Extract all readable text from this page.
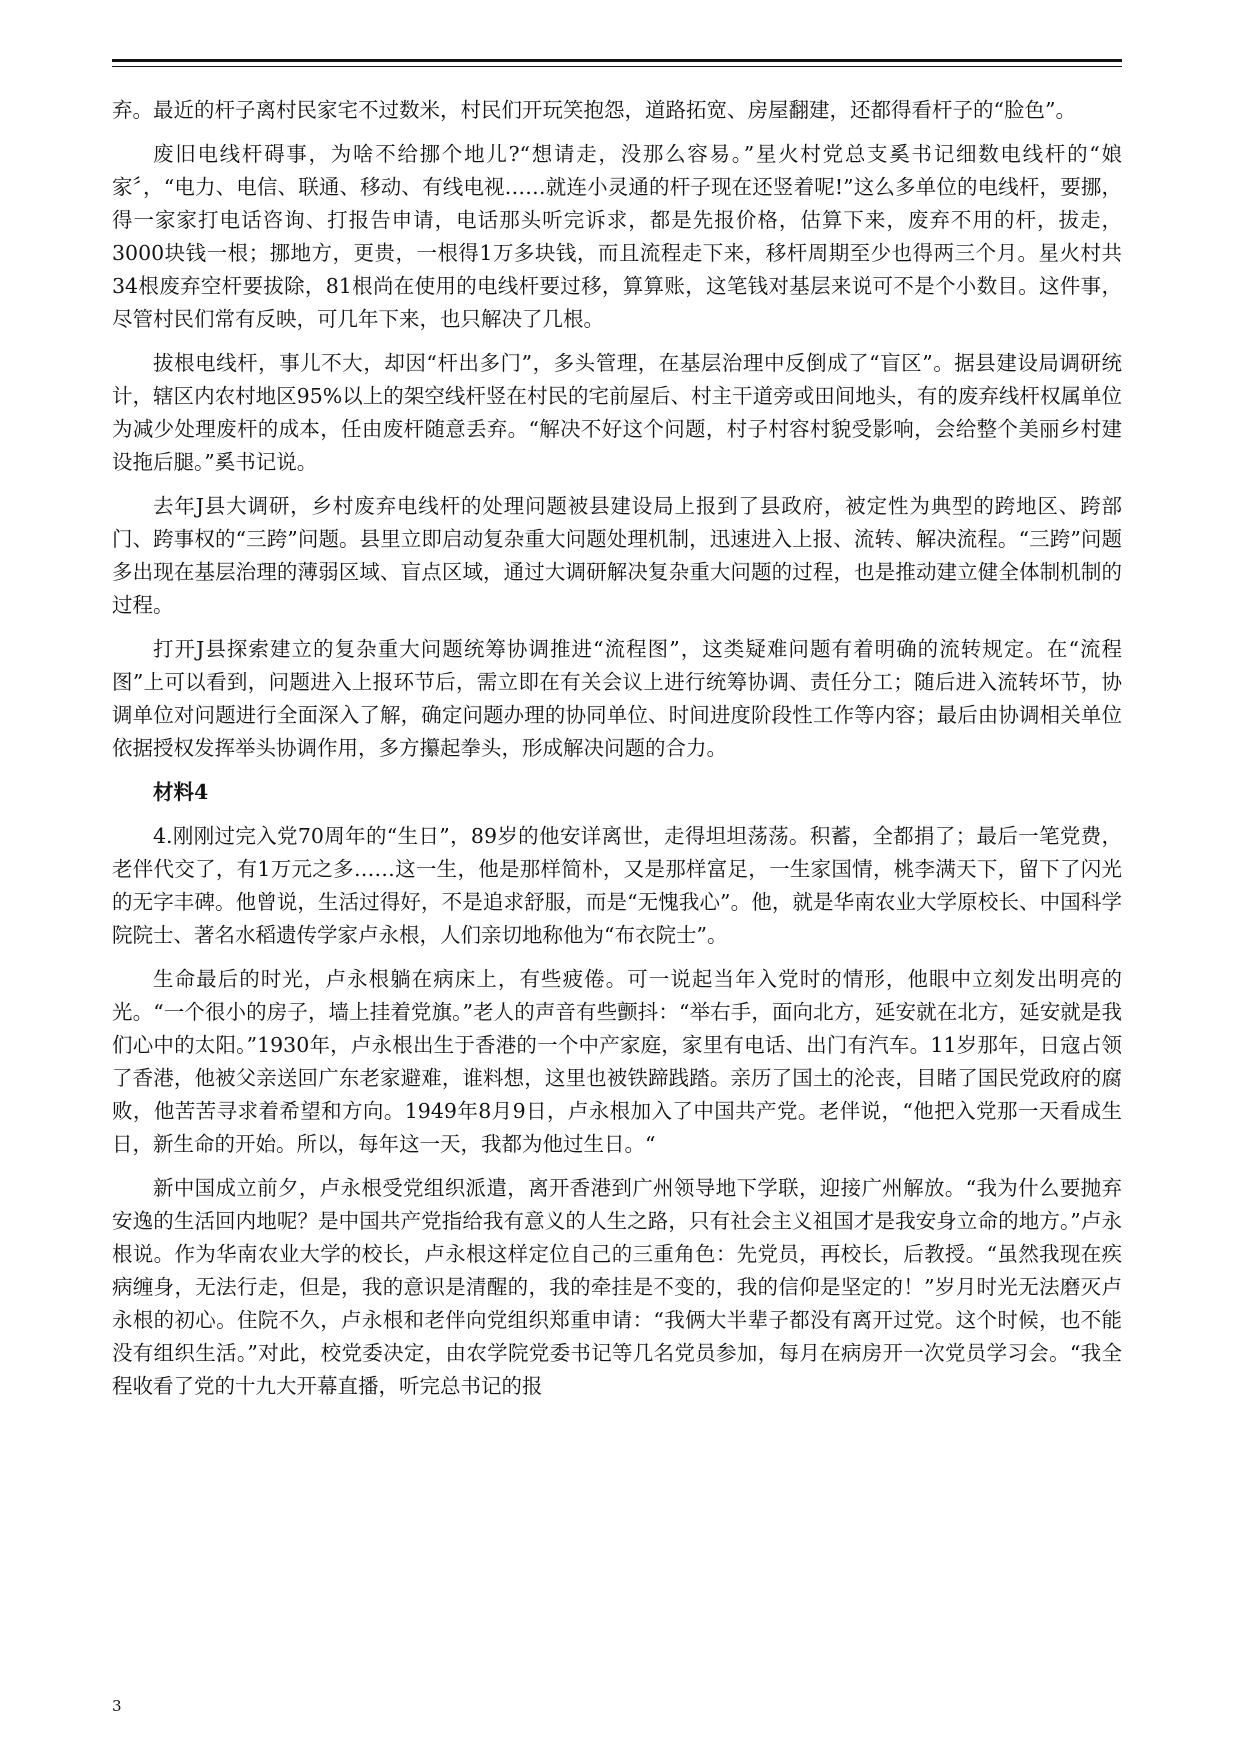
弃。最近的杆子离村民家宅不过数米，村民们开玩笑抱怨，道路拓宽、房屋翻建，还都得看杆子的“脸色”。

废旧电线杆碍事，为啥不给挪个地儿?“想请走，没那么容易。”星火村党总支奚书记细数电线杆的“娘家〞，“电力、电信、联通、移动、有线电视……就连小灵通的杆子现在还竖着呢!”这么多单位的电线杆，要挪，得一家家打电话咨询、打报告申请，电话那头听完诉求，都是先报价格，估算下来，废弃不用的杆，拔走，3000块钱一根；挪地方，更贵，一根得1万多块钱，而且流程走下来，移杆周期至少也得两三个月。星火村共34根废弃空杆要拔除，81根尚在使用的电线杆要过移，算算账，这笔钱对基层来说可不是个小数目。这件事，尽管村民们常有反映，可几年下来，也只解决了几根。

拔根电线杆，事儿不大，却因“杆出多门”，多头管理，在基层治理中反倒成了“盲区”。据县建设局调研统计，辖区内农村地区95%以上的架空线杆竖在村民的宅前屋后、村主干道旁或田间地头，有的废弃线杆权属单位为减少处理废杆的成本，任由废杆随意丢弃。“解决不好这个问题，村子村容村貌受影响，会给整个美丽乡村建设拖后腿。”奚书记说。

去年J县大调研，乡村废弃电线杆的处理问题被县建设局上报到了县政府，被定性为典型的跨地区、跨部门、跨事权的“三跨”问题。县里立即启动复杂重大问题处理机制，迅速进入上报、流转、解决流程。“三跨”问题多出现在基层治理的薄弱区域、盲点区域，通过大调研解决复杂重大问题的过程，也是推动建立健全体制机制的过程。

打开J县探索建立的复杂重大问题统筹协调推进“流程图”，这类疑难问题有着明确的流转规定。在“流程图”上可以看到，问题进入上报环节后，需立即在有关会议上进行统筹协调、责任分工；随后进入流转坏节，协调单位对问题进行全面深入了解，确定问题办理的协同单位、时间进度阶段性工作等内容；最后由协调相关单位依据授权发挥举头协调作用，多方攥起拳头，形成解决问题的合力。

材料4

4.刚刚过完入党70周年的“生日”，89岁的他安详离世，走得坦坦荡荡。积蓄，全都捐了；最后一笔党费，老伴代交了，有1万元之多……这一生，他是那样简朴，又是那样富足，一生家国情，桃李满天下，留下了闪光的无字丰碑。他曾说，生活过得好，不是追求舒服，而是“无愧我心”。他，就是华南农业大学原校长、中国科学院院士、著名水稻遗传学家卢永根，人们亲切地称他为“布衣院士”。

生命最后的时光，卢永根躺在病床上，有些疲倦。可一说起当年入党时的情形，他眼中立刻发出明亮的光。“一个很小的房子，墙上挂着党旗。”老人的声音有些颤抖：“举右手，面向北方，延安就在北方，延安就是我们心中的太阳。”1930年，卢永根出生于香港的一个中产家庭，家里有电话、出门有汽车。11岁那年，日寇占领了香港，他被父亲送回广东老家避难，谁料想，这里也被铁蹄践踏。亲历了国土的沦丧，目睹了国民党政府的腐败，他苦苦寻求着希望和方向。1949年8月9日，卢永根加入了中国共产党。老伴说，“他把入党那一天看成生日，新生命的开始。所以，每年这一天，我都为他过生日。“

新中国成立前夕，卢永根受党组织派遣，离开香港到广州领导地下学联，迎接广州解放。“我为什么要抛弃安逸的生活回内地呢？是中国共产党指给我有意义的人生之路，只有社会主义祖国才是我安身立命的地方。”卢永根说。作为华南农业大学的校长，卢永根这样定位自己的三重角色：先党员，再校长，后教授。“虽然我现在疾病缠身，无法行走，但是，我的意识是清醒的，我的牵挂是不变的，我的信仰是坚定的！”岁月时光无法磨灭卢永根的初心。住院不久，卢永根和老伴向党组织郑重申请：“我俩大半辈子都没有离开过党。这个时候，也不能没有组织生活。”对此，校党委决定，由农学院党委书记等几名党员参加，每月在病房开一次党员学习会。“我全程收看了党的十九大开幕直播，听完总书记的报

3
